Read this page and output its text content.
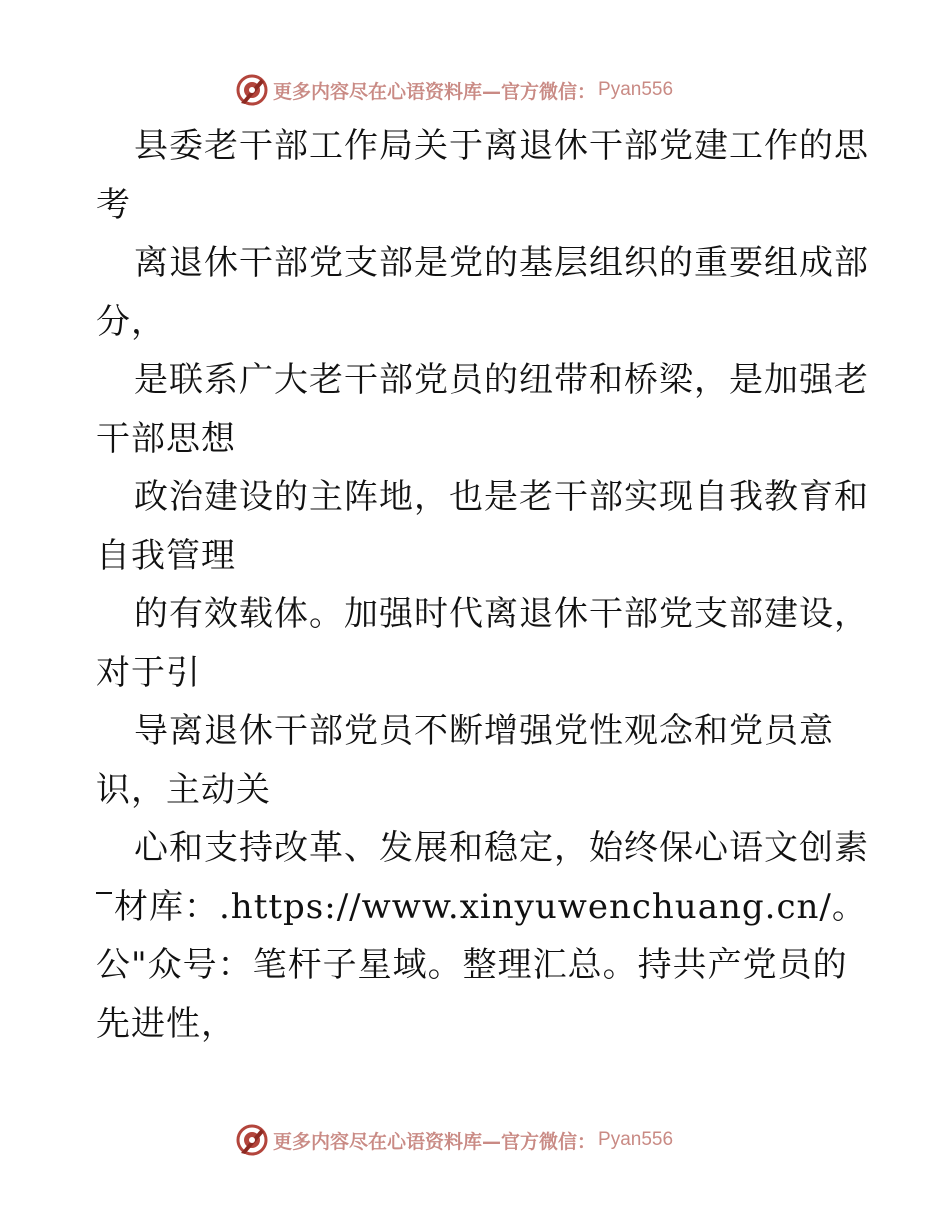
更多内容尽在心语资料库—官方微信： Pyan556
县委老干部工作局关于离退休干部党建工作的思
考
离退休干部党支部是党的基层组织的重要组成部
分，
是联系广大老干部党员的纽带和桥梁，是加强老
干部思想
政治建设的主阵地，也是老干部实现自我教育和
自我管理
的有效载体。加强时代离退休干部党支部建设，
对于引
导离退休干部党员不断增强党性观念和党员意
识，主动关
心和支持改革、发展和稳定，始终保心语文创素
材库：.https://www.xinyuwenchuang.cn/。
公"众号：笔杆子星域。整理汇总。持共产党员的
先进性，
更多内容尽在心语资料库—官方微信： Pyan556
